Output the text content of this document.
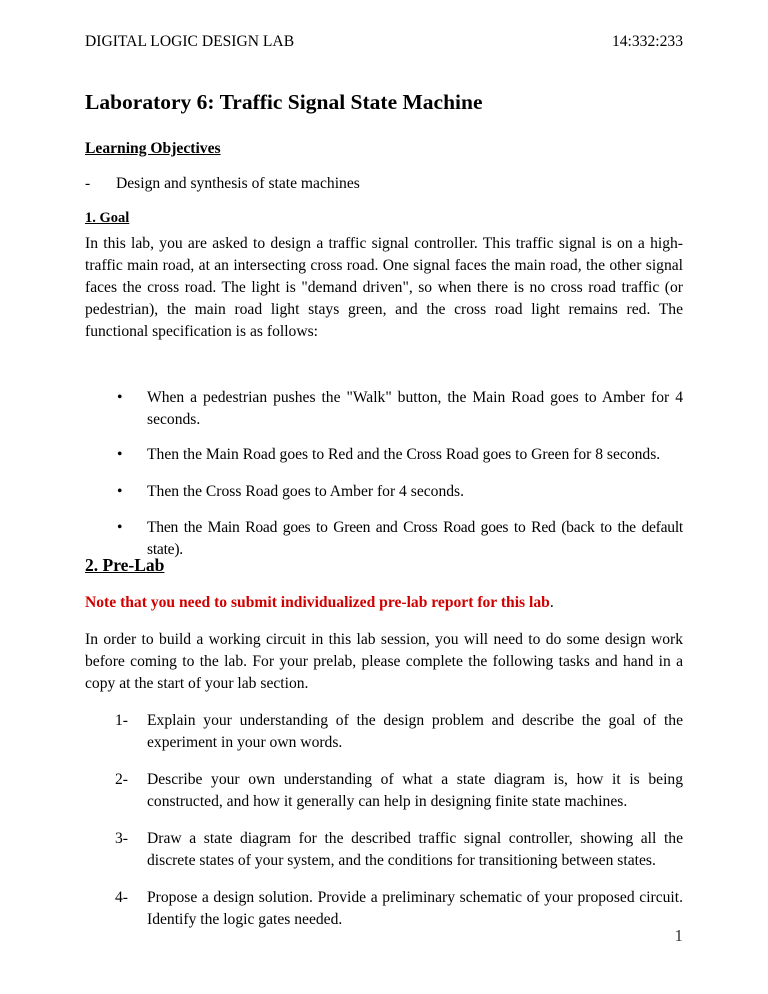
DIGITAL LOGIC DESIGN LAB	14:332:233
Laboratory 6: Traffic Signal State Machine
Learning Objectives
- Design and synthesis of state machines
1. Goal
In this lab, you are asked to design a traffic signal controller. This traffic signal is on a high-traffic main road, at an intersecting cross road. One signal faces the main road, the other signal faces the cross road. The light is "demand driven", so when there is no cross road traffic (or pedestrian), the main road light stays green, and the cross road light remains red. The functional specification is as follows:
• When a pedestrian pushes the "Walk" button, the Main Road goes to Amber for 4 seconds.
• Then the Main Road goes to Red and the Cross Road goes to Green for 8 seconds.
• Then the Cross Road goes to Amber for 4 seconds.
• Then the Main Road goes to Green and Cross Road goes to Red (back to the default state).
2. Pre-Lab
Note that you need to submit individualized pre-lab report for this lab.
In order to build a working circuit in this lab session, you will need to do some design work before coming to the lab. For your prelab, please complete the following tasks and hand in a copy at the start of your lab section.
1- Explain your understanding of the design problem and describe the goal of the experiment in your own words.
2- Describe your own understanding of what a state diagram is, how it is being constructed, and how it generally can help in designing finite state machines.
3- Draw a state diagram for the described traffic signal controller, showing all the discrete states of your system, and the conditions for transitioning between states.
4- Propose a design solution. Provide a preliminary schematic of your proposed circuit. Identify the logic gates needed.
1
